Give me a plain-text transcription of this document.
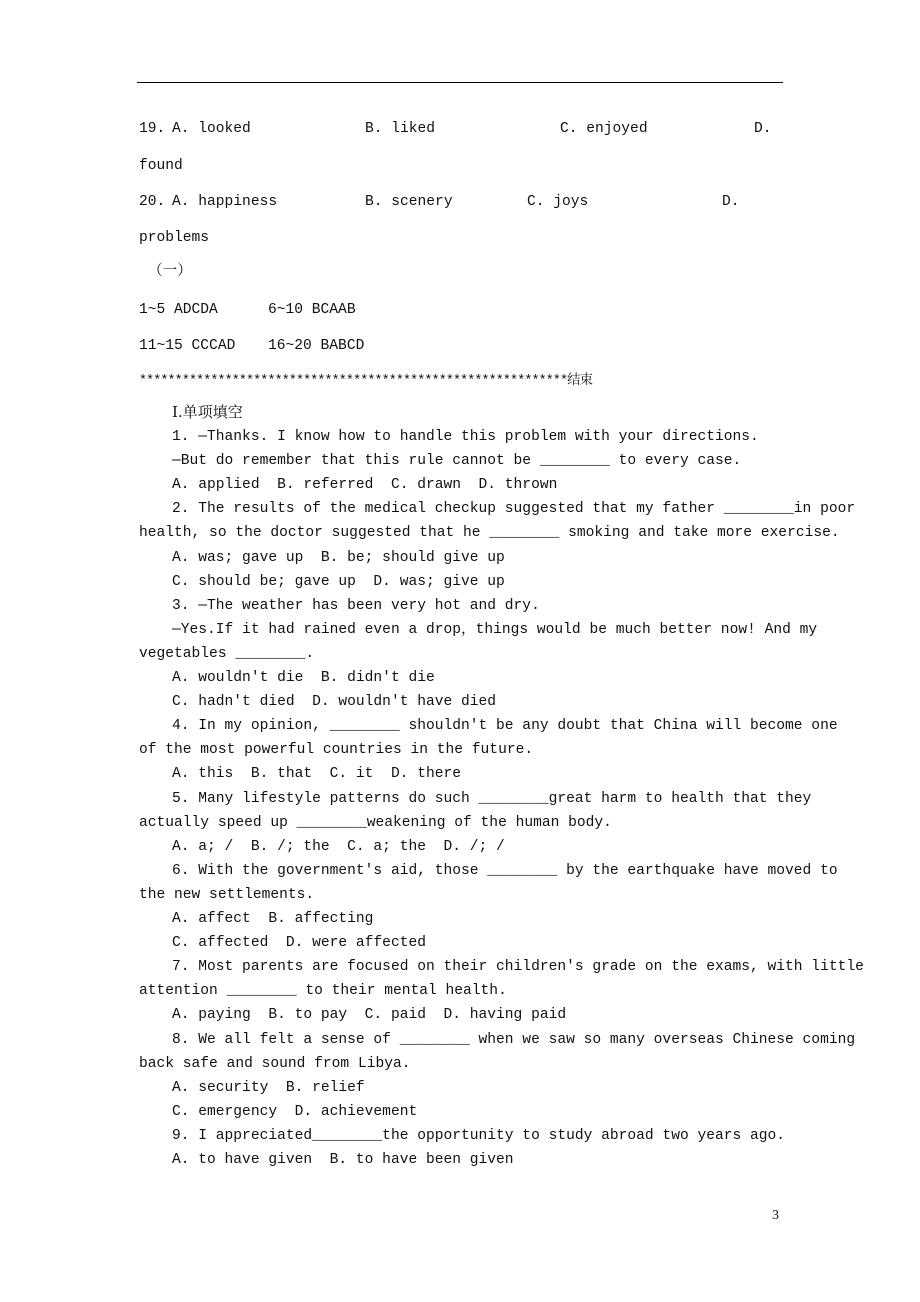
19. A. looked	B. liked	C. enjoyed	D.
found
20. A. happiness	B. scenery	C. joys	D.
problems
（一）
1~5 ADCDA	6~10 BCAAB
11~15 CCCAD 16~20 BABCD
************************************************************结束
Ⅰ.单项填空
1. —Thanks. I know how to handle this problem with your directions.
—But do remember that this rule cannot be ________ to every case.
A. applied  B. referred  C. drawn  D. thrown
2. The results of the medical checkup suggested that my father ________in poor
health, so the doctor suggested that he ________ smoking and take more exercise.
A. was; gave up  B. be; should give up
C. should be; gave up  D. was; give up
3. —The weather has been very hot and dry.
—Yes.If it had rained even a drop，things would be much better now! And my
vegetables ________.
A. wouldn't die  B. didn't die
C. hadn't died  D. wouldn't have died
4. In my opinion, ________ shouldn't be any doubt that China will become one
of the most powerful countries in the future.
A. this  B. that  C. it  D. there
5. Many lifestyle patterns do such ________great harm to health that they
actually speed up ________weakening of the human body.
A. a; /  B. /; the  C. a; the  D. /; /
6. With the government's aid, those ________ by the earthquake have moved to
the new settlements.
A. affect  B. affecting
C. affected  D. were affected
7. Most parents are focused on their children's grade on the exams, with little
attention ________ to their mental health.
A. paying  B. to pay  C. paid  D. having paid
8. We all felt a sense of ________ when we saw so many overseas Chinese coming
back safe and sound from Libya.
A. security  B. relief
C. emergency  D. achievement
9. I appreciated________the opportunity to study abroad two years ago.
A. to have given  B. to have been given
3
